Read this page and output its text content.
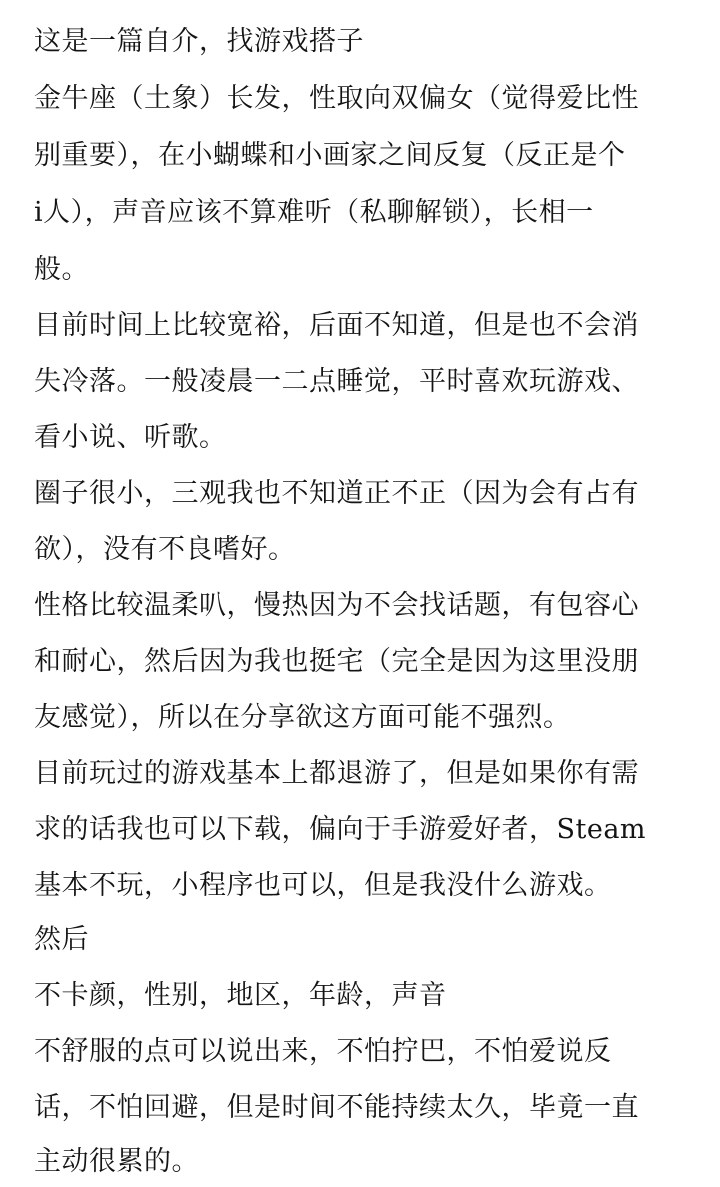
这是一篇自介，找游戏搭子
金牛座（土象）长发，性取向双偏女（觉得爱比性
别重要），在小蝴蝶和小画家之间反复（反正是个
i人），声音应该不算难听（私聊解锁），长相一
般。
目前时间上比较宽裕，后面不知道，但是也不会消
失冷落。一般凌晨一二点睡觉，平时喜欢玩游戏、
看小说、听歌。
圈子很小，三观我也不知道正不正（因为会有占有
欲），没有不良嗜好。
性格比较温柔叭，慢热因为不会找话题，有包容心
和耐心，然后因为我也挺宅（完全是因为这里没朋
友感觉），所以在分享欲这方面可能不强烈。
目前玩过的游戏基本上都退游了，但是如果你有需
求的话我也可以下载，偏向于手游爱好者，Steam
基本不玩，小程序也可以，但是我没什么游戏。
然后
不卡颜，性别，地区，年龄，声音
不舒服的点可以说出来，不怕拧巴，不怕爱说反
话，不怕回避，但是时间不能持续太久，毕竟一直
主动很累的。
